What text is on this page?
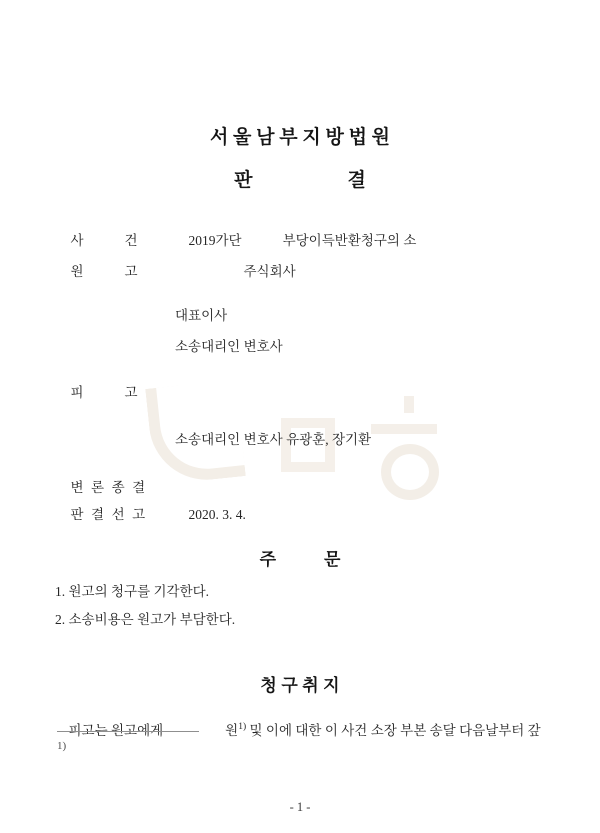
서 울 남 부 지 방 법 원
판결

사건 2019가단	부당이득반환청구의 소

원고	주식회사

대표이사
소송대리인 변호사

피고

소송대리인 변호사 유광훈, 장기환

변론종결

판결선고	2020. 3. 4.

주문
1. 원고의 청구를 기각한다.
2. 소송비용은 원고가 부담한다.
청구취지

피고는 원고에게	원$^{1)}$ 및 이에 대한 이 사건 소장 부본 송달 다음날부터 갚

1)
- 1 -
